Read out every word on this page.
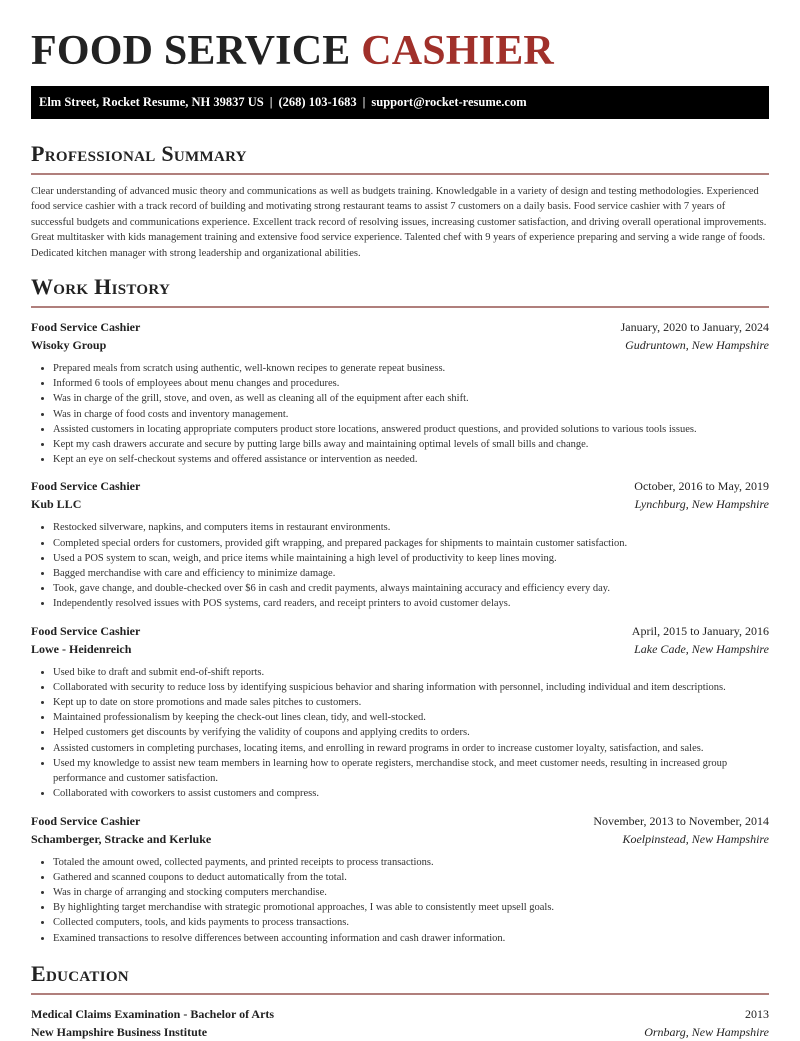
FOOD SERVICE CASHIER
Elm Street, Rocket Resume, NH 39837 US | (268) 103-1683 | support@rocket-resume.com
Professional Summary

Clear understanding of advanced music theory and communications as well as budgets training. Knowledgable in a variety of design and testing methodologies. Experienced food service cashier with a track record of building and motivating strong restaurant teams to assist 7 customers on a daily basis. Food service cashier with 7 years of successful budgets and communications experience. Excellent track record of resolving issues, increasing customer satisfaction, and driving overall operational improvements. Great multitasker with kids management training and extensive food service experience. Talented chef with 9 years of experience preparing and serving a wide range of foods. Dedicated kitchen manager with strong leadership and organizational abilities.

Work History
Food Service Cashier	January, 2020 to January, 2024
Wisoky Group	Gudruntown, New Hampshire
• Prepared meals from scratch using authentic, well-known recipes to generate repeat business.
• Informed 6 tools of employees about menu changes and procedures.
• Was in charge of the grill, stove, and oven, as well as cleaning all of the equipment after each shift.
• Was in charge of food costs and inventory management.
• Assisted customers in locating appropriate computers product store locations, answered product questions, and provided solutions to various tools issues.
• Kept my cash drawers accurate and secure by putting large bills away and maintaining optimal levels of small bills and change.
• Kept an eye on self-checkout systems and offered assistance or intervention as needed.
Food Service Cashier	October, 2016 to May, 2019
Kub LLC	Lynchburg, New Hampshire
• Restocked silverware, napkins, and computers items in restaurant environments.
• Completed special orders for customers, provided gift wrapping, and prepared packages for shipments to maintain customer satisfaction.
• Used a POS system to scan, weigh, and price items while maintaining a high level of productivity to keep lines moving.
• Bagged merchandise with care and efficiency to minimize damage.
• Took, gave change, and double-checked over $6 in cash and credit payments, always maintaining accuracy and efficiency every day.
• Independently resolved issues with POS systems, card readers, and receipt printers to avoid customer delays.
Food Service Cashier	April, 2015 to January, 2016
Lowe - Heidenreich	Lake Cade, New Hampshire
• Used bike to draft and submit end-of-shift reports.
• Collaborated with security to reduce loss by identifying suspicious behavior and sharing information with personnel, including individual and item descriptions.
• Kept up to date on store promotions and made sales pitches to customers.
• Maintained professionalism by keeping the check-out lines clean, tidy, and well-stocked.
• Helped customers get discounts by verifying the validity of coupons and applying credits to orders.
• Assisted customers in completing purchases, locating items, and enrolling in reward programs in order to increase customer loyalty, satisfaction, and sales.
• Used my knowledge to assist new team members in learning how to operate registers, merchandise stock, and meet customer needs, resulting in increased group performance and customer satisfaction.
• Collaborated with coworkers to assist customers and compress.
Food Service Cashier	November, 2013 to November, 2014
Schamberger, Stracke and Kerluke	Koelpinstead, New Hampshire
• Totaled the amount owed, collected payments, and printed receipts to process transactions.
• Gathered and scanned coupons to deduct automatically from the total.
• Was in charge of arranging and stocking computers merchandise.
• By highlighting target merchandise with strategic promotional approaches, I was able to consistently meet upsell goals.
• Collected computers, tools, and kids payments to process transactions.
• Examined transactions to resolve differences between accounting information and cash drawer information.
Education
Medical Claims Examination - Bachelor of Arts	2013
New Hampshire Business Institute	Ornbarg, New Hampshire
